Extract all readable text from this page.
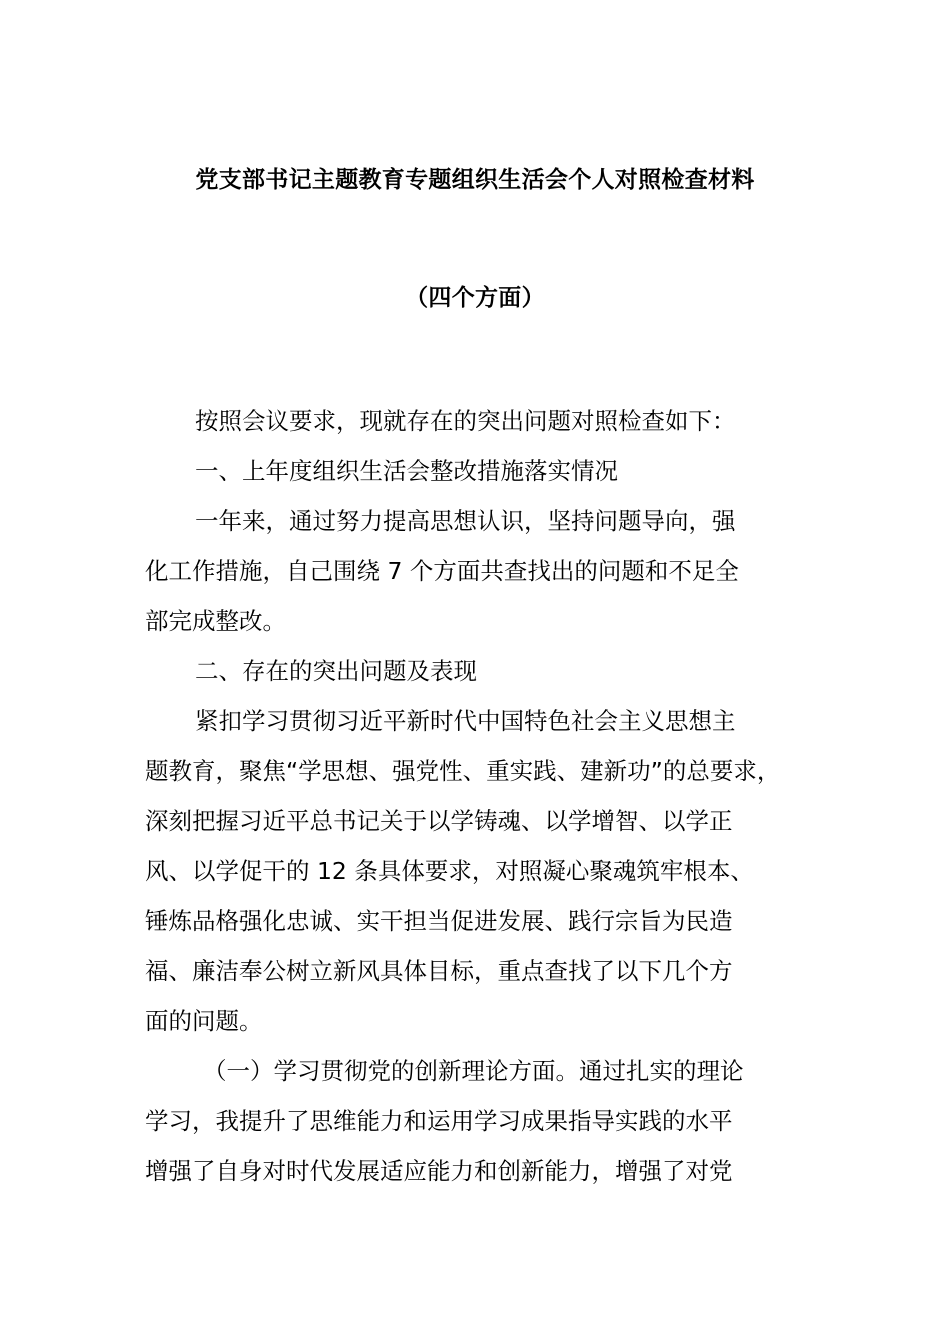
党支部书记主题教育专题组织生活会个人对照检查材料
（四个方面）
按照会议要求，现就存在的突出问题对照检查如下：
一、上年度组织生活会整改措施落实情况
一年来，通过努力提高思想认识，坚持问题导向，强
化工作措施，自己围绕 7 个方面共查找出的问题和不足全
部完成整改。
二、存在的突出问题及表现
紧扣学习贯彻习近平新时代中国特色社会主义思想主
题教育，聚焦“学思想、强党性、重实践、建新功”的总要求，
深刻把握习近平总书记关于以学铸魂、以学增智、以学正
风、以学促干的 12 条具体要求，对照凝心聚魂筑牢根本、
锤炼品格强化忠诚、实干担当促进发展、践行宗旨为民造
福、廉洁奉公树立新风具体目标，重点查找了以下几个方
面的问题。
（一）学习贯彻党的创新理论方面。通过扎实的理论
学习，我提升了思维能力和运用学习成果指导实践的水平
增强了自身对时代发展适应能力和创新能力，增强了对党
